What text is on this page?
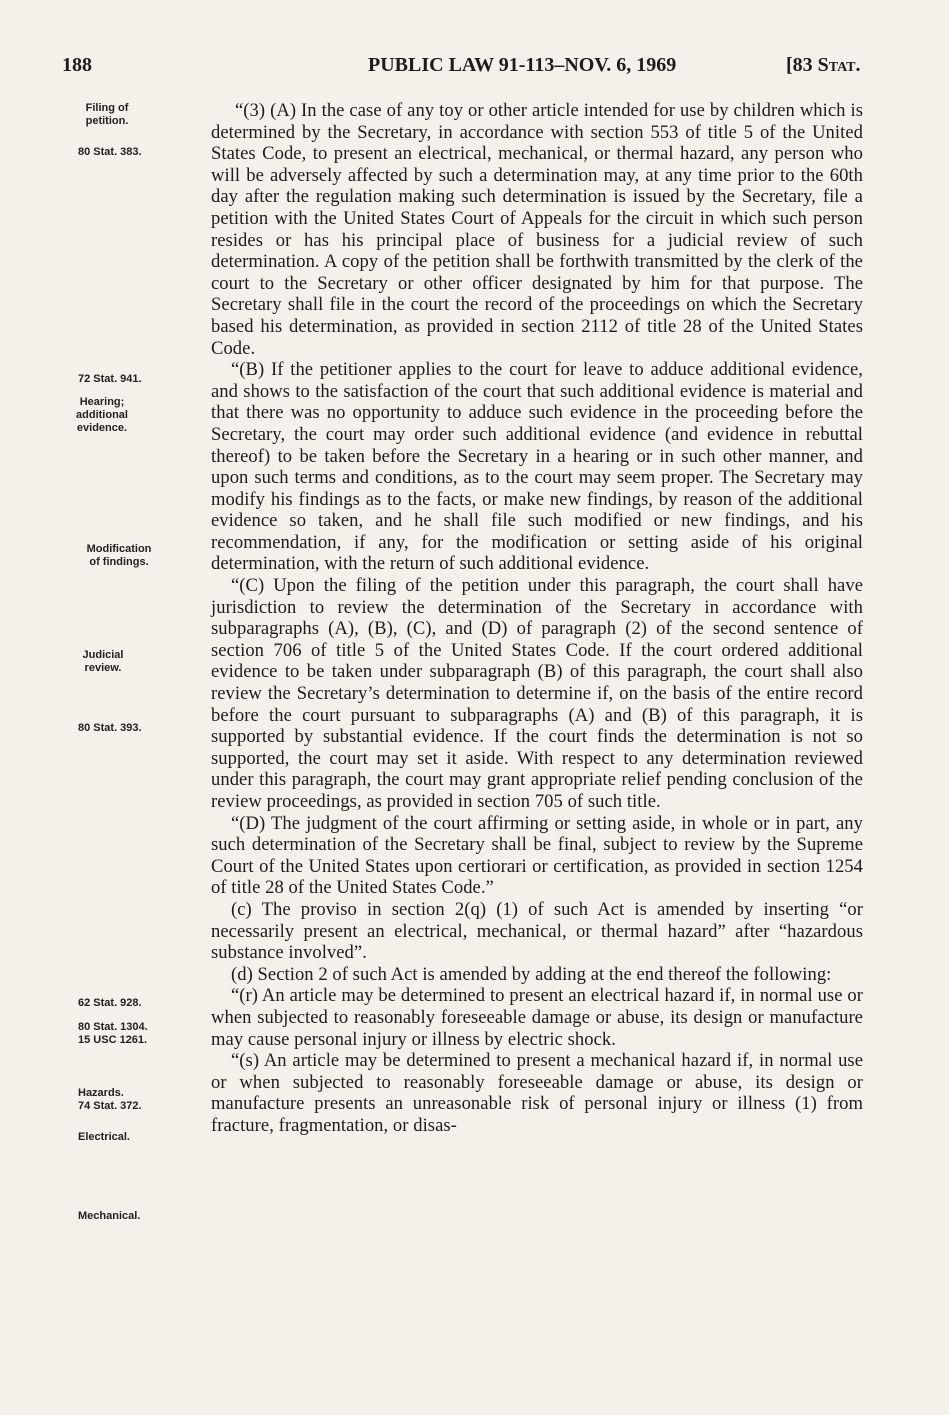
188	PUBLIC LAW 91-113–NOV. 6, 1969	[83 Stat.
Filing of
petition.
80 Stat. 383.
72 Stat. 941.
Hearing;
additional
evidence.
Modification
of findings.
Judicial
review.
80 Stat. 393.
62 Stat. 928.
80 Stat. 1304.
15 USC 1261.
Hazards.
74 Stat. 372.
Electrical.
Mechanical.

“(3) (A) In the case of any toy or other article intended for use by children which is determined by the Secretary, in accordance with section 553 of title 5 of the United States Code, to present an electrical, mechanical, or thermal hazard, any person who will be adversely affected by such a determination may, at any time prior to the 60th day after the regulation making such determination is issued by the Secretary, file a petition with the United States Court of Appeals for the circuit in which such person resides or has his principal place of business for a judicial review of such determination. A copy of the petition shall be forthwith transmitted by the clerk of the court to the Secretary or other officer designated by him for that purpose. The Secretary shall file in the court the record of the proceedings on which the Secretary based his determination, as provided in section 2112 of title 28 of the United States Code.

“(B) If the petitioner applies to the court for leave to adduce additional evidence, and shows to the satisfaction of the court that such additional evidence is material and that there was no opportunity to adduce such evidence in the proceeding before the Secretary, the court may order such additional evidence (and evidence in rebuttal thereof) to be taken before the Secretary in a hearing or in such other manner, and upon such terms and conditions, as to the court may seem proper. The Secretary may modify his findings as to the facts, or make new findings, by reason of the additional evidence so taken, and he shall file such modified or new findings, and his recommendation, if any, for the modification or setting aside of his original determination, with the return of such additional evidence.

“(C) Upon the filing of the petition under this paragraph, the court shall have jurisdiction to review the determination of the Secretary in accordance with subparagraphs (A), (B), (C), and (D) of paragraph (2) of the second sentence of section 706 of title 5 of the United States Code. If the court ordered additional evidence to be taken under subparagraph (B) of this paragraph, the court shall also review the Secretary’s determination to determine if, on the basis of the entire record before the court pursuant to subparagraphs (A) and (B) of this paragraph, it is supported by substantial evidence. If the court finds the determination is not so supported, the court may set it aside. With respect to any determination reviewed under this paragraph, the court may grant appropriate relief pending conclusion of the review proceedings, as provided in section 705 of such title.

“(D) The judgment of the court affirming or setting aside, in whole or in part, any such determination of the Secretary shall be final, subject to review by the Supreme Court of the United States upon certiorari or certification, as provided in section 1254 of title 28 of the United States Code.”

(c) The proviso in section 2(q) (1) of such Act is amended by inserting “or necessarily present an electrical, mechanical, or thermal hazard” after “hazardous substance involved”.

(d) Section 2 of such Act is amended by adding at the end thereof the following:

“(r) An article may be determined to present an electrical hazard if, in normal use or when subjected to reasonably foreseeable damage or abuse, its design or manufacture may cause personal injury or illness by electric shock.

“(s) An article may be determined to present a mechanical hazard if, in normal use or when subjected to reasonably foreseeable damage or abuse, its design or manufacture presents an unreasonable risk of personal injury or illness (1) from fracture, fragmentation, or disas-
